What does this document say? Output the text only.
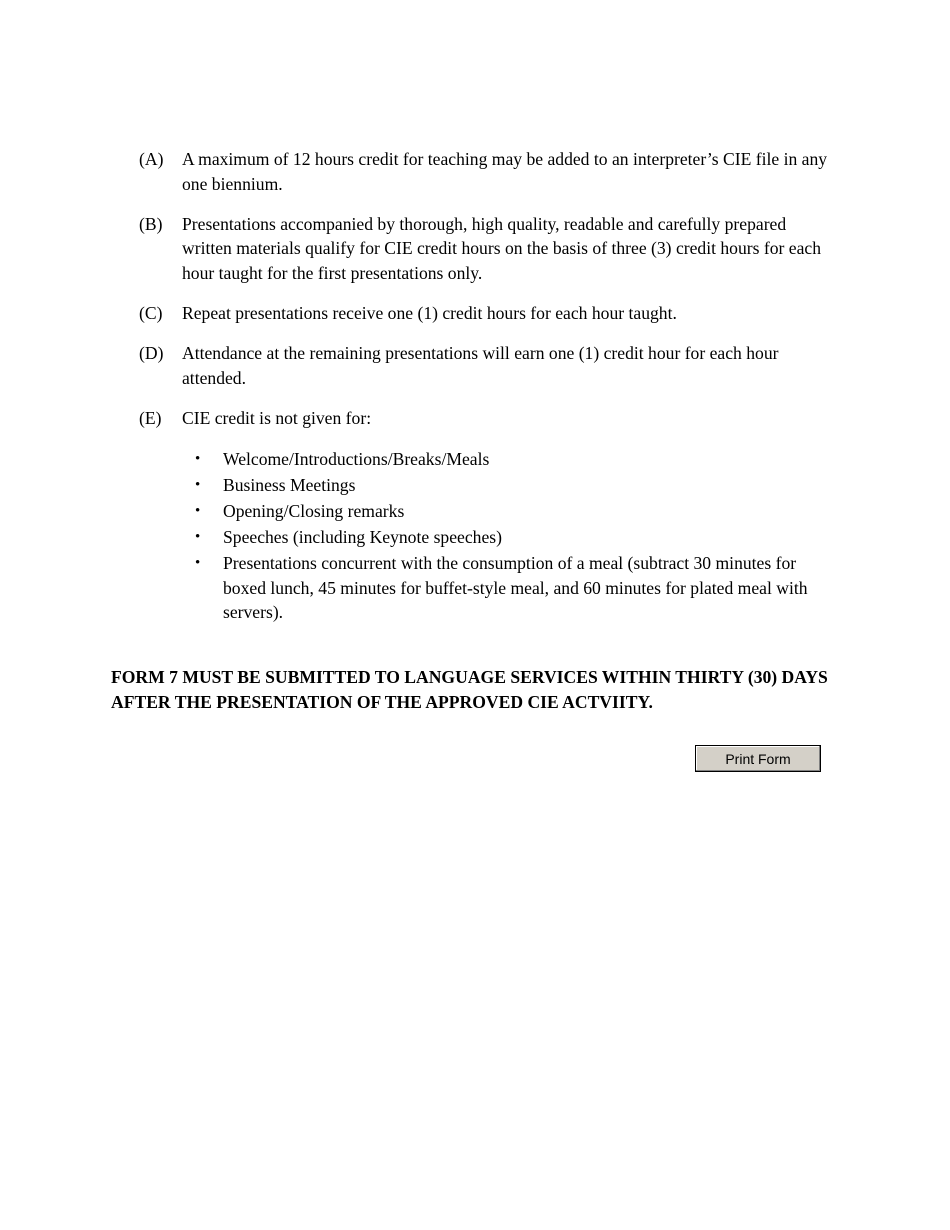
(A)	A maximum of 12 hours credit for teaching may be added to an interpreter’s CIE file in any one biennium.
(B)	Presentations accompanied by thorough, high quality, readable and carefully prepared written materials qualify for CIE credit hours on the basis of three (3) credit hours for each hour taught for the first presentations only.
(C)	Repeat presentations receive one (1) credit hours for each hour taught.
(D)	Attendance at the remaining presentations will earn one (1) credit hour for each hour attended.
(E)	CIE credit is not given for:
•	Welcome/Introductions/Breaks/Meals
•	Business Meetings
•	Opening/Closing remarks
•	Speeches (including Keynote speeches)
•	Presentations concurrent with the consumption of a meal (subtract 30 minutes for boxed lunch, 45 minutes for buffet-style meal, and 60 minutes for plated meal with servers).
FORM 7 MUST BE SUBMITTED TO LANGUAGE SERVICES WITHIN THIRTY (30) DAYS AFTER THE PRESENTATION OF THE APPROVED CIE ACTVIITY.
Print Form
